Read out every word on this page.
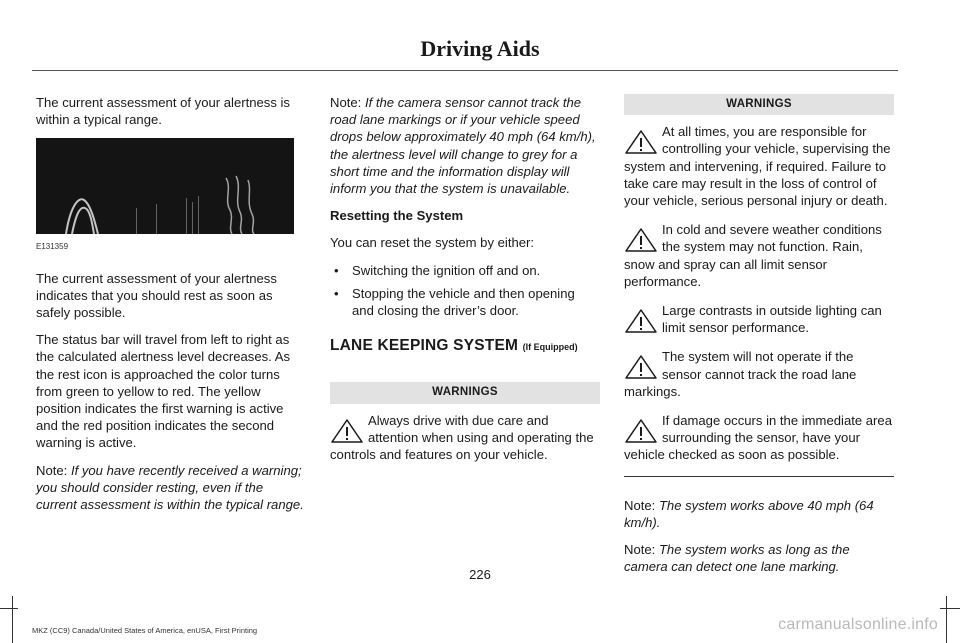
Driving Aids

The current assessment of your alertness is within a typical range.

E131359

The current assessment of your alertness indicates that you should rest as soon as safely possible.

The status bar will travel from left to right as the calculated alertness level decreases. As the rest icon is approached the color turns from green to yellow to red. The yellow position indicates the first warning is active and the red position indicates the second warning is active.

Note: If you have recently received a warning; you should consider resting, even if the current assessment is within the typical range.

Note: If the camera sensor cannot track the road lane markings or if your vehicle speed drops below approximately 40 mph (64 km/h), the alertness level will change to grey for a short time and the information display will inform you that the system is unavailable.

Resetting the System

You can reset the system by either:

• Switching the ignition off and on.
• Stopping the vehicle and then opening and closing the driver’s door.
LANE KEEPING SYSTEM (If Equipped)
WARNINGS
Always drive with due care and attention when using and operating the controls and features on your vehicle.
WARNINGS
At all times, you are responsible for controlling your vehicle, supervising the system and intervening, if required. Failure to take care may result in the loss of control of your vehicle, serious personal injury or death.
In cold and severe weather conditions the system may not function. Rain, snow and spray can all limit sensor performance.
Large contrasts in outside lighting can limit sensor performance.
The system will not operate if the sensor cannot track the road lane markings.
If damage occurs in the immediate area surrounding the sensor, have your vehicle checked as soon as possible.

Note: The system works above 40 mph (64 km/h).

Note: The system works as long as the camera can detect one lane marking.

226
MKZ (CC9) Canada/United States of America, enUSA, First Printing	carmanualsonline.info
